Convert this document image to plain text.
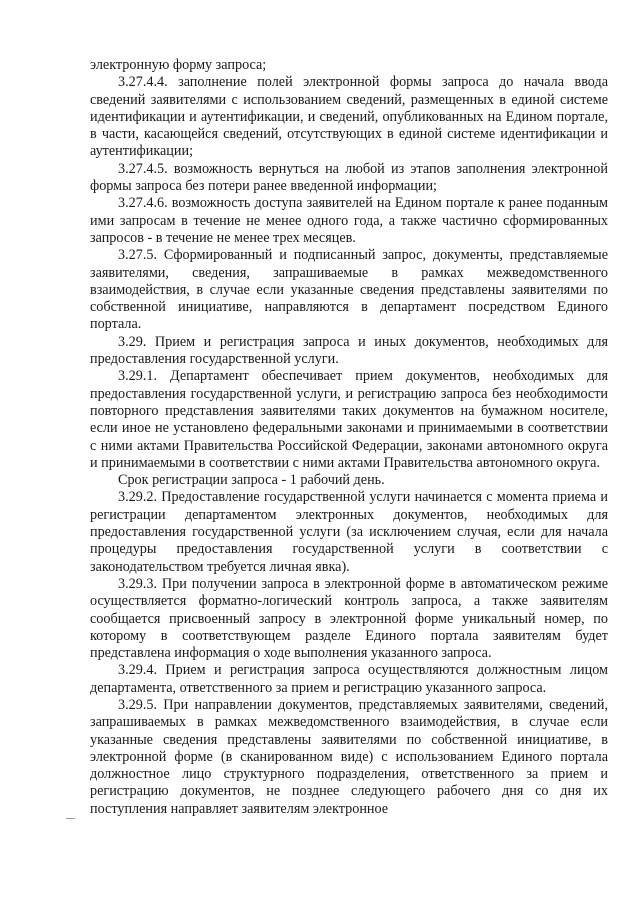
электронную форму запроса;

3.27.4.4. заполнение полей электронной формы запроса до начала ввода сведений заявителями с использованием сведений, размещенных в единой системе идентификации и аутентификации, и сведений, опубликованных на Едином портале, в части, касающейся сведений, отсутствующих в единой системе идентификации и аутентификации;

3.27.4.5. возможность вернуться на любой из этапов заполнения электронной формы запроса без потери ранее введенной информации;

3.27.4.6. возможность доступа заявителей на Едином портале к ранее поданным ими запросам в течение не менее одного года, а также частично сформированных запросов - в течение не менее трех месяцев.

3.27.5. Сформированный и подписанный запрос, документы, представляемые заявителями, сведения, запрашиваемые в рамках межведомственного взаимодействия, в случае если указанные сведения представлены заявителями по собственной инициативе, направляются в департамент посредством Единого портала.

3.29. Прием и регистрация запроса и иных документов, необходимых для предоставления государственной услуги.

3.29.1. Департамент обеспечивает прием документов, необходимых для предоставления государственной услуги, и регистрацию запроса без необходимости повторного представления заявителями таких документов на бумажном носителе, если иное не установлено федеральными законами и принимаемыми в соответствии с ними актами Правительства Российской Федерации, законами автономного округа и принимаемыми в соответствии с ними актами Правительства автономного округа.

Срок регистрации запроса - 1 рабочий день.

3.29.2. Предоставление государственной услуги начинается с момента приема и регистрации департаментом электронных документов, необходимых для предоставления государственной услуги (за исключением случая, если для начала процедуры предоставления государственной услуги в соответствии с законодательством требуется личная явка).

3.29.3. При получении запроса в электронной форме в автоматическом режиме осуществляется форматно-логический контроль запроса, а также заявителям сообщается присвоенный запросу в электронной форме уникальный номер, по которому в соответствующем разделе Единого портала заявителям будет представлена информация о ходе выполнения указанного запроса.

3.29.4. Прием и регистрация запроса осуществляются должностным лицом департамента, ответственного за прием и регистрацию указанного запроса.

3.29.5. При направлении документов, представляемых заявителями, сведений, запрашиваемых в рамках межведомственного взаимодействия, в случае если указанные сведения представлены заявителями по собственной инициативе, в электронной форме (в сканированном виде) с использованием Единого портала должностное лицо структурного подразделения, ответственного за прием и регистрацию документов, не позднее следующего рабочего дня со дня их поступления направляет заявителям электронное
